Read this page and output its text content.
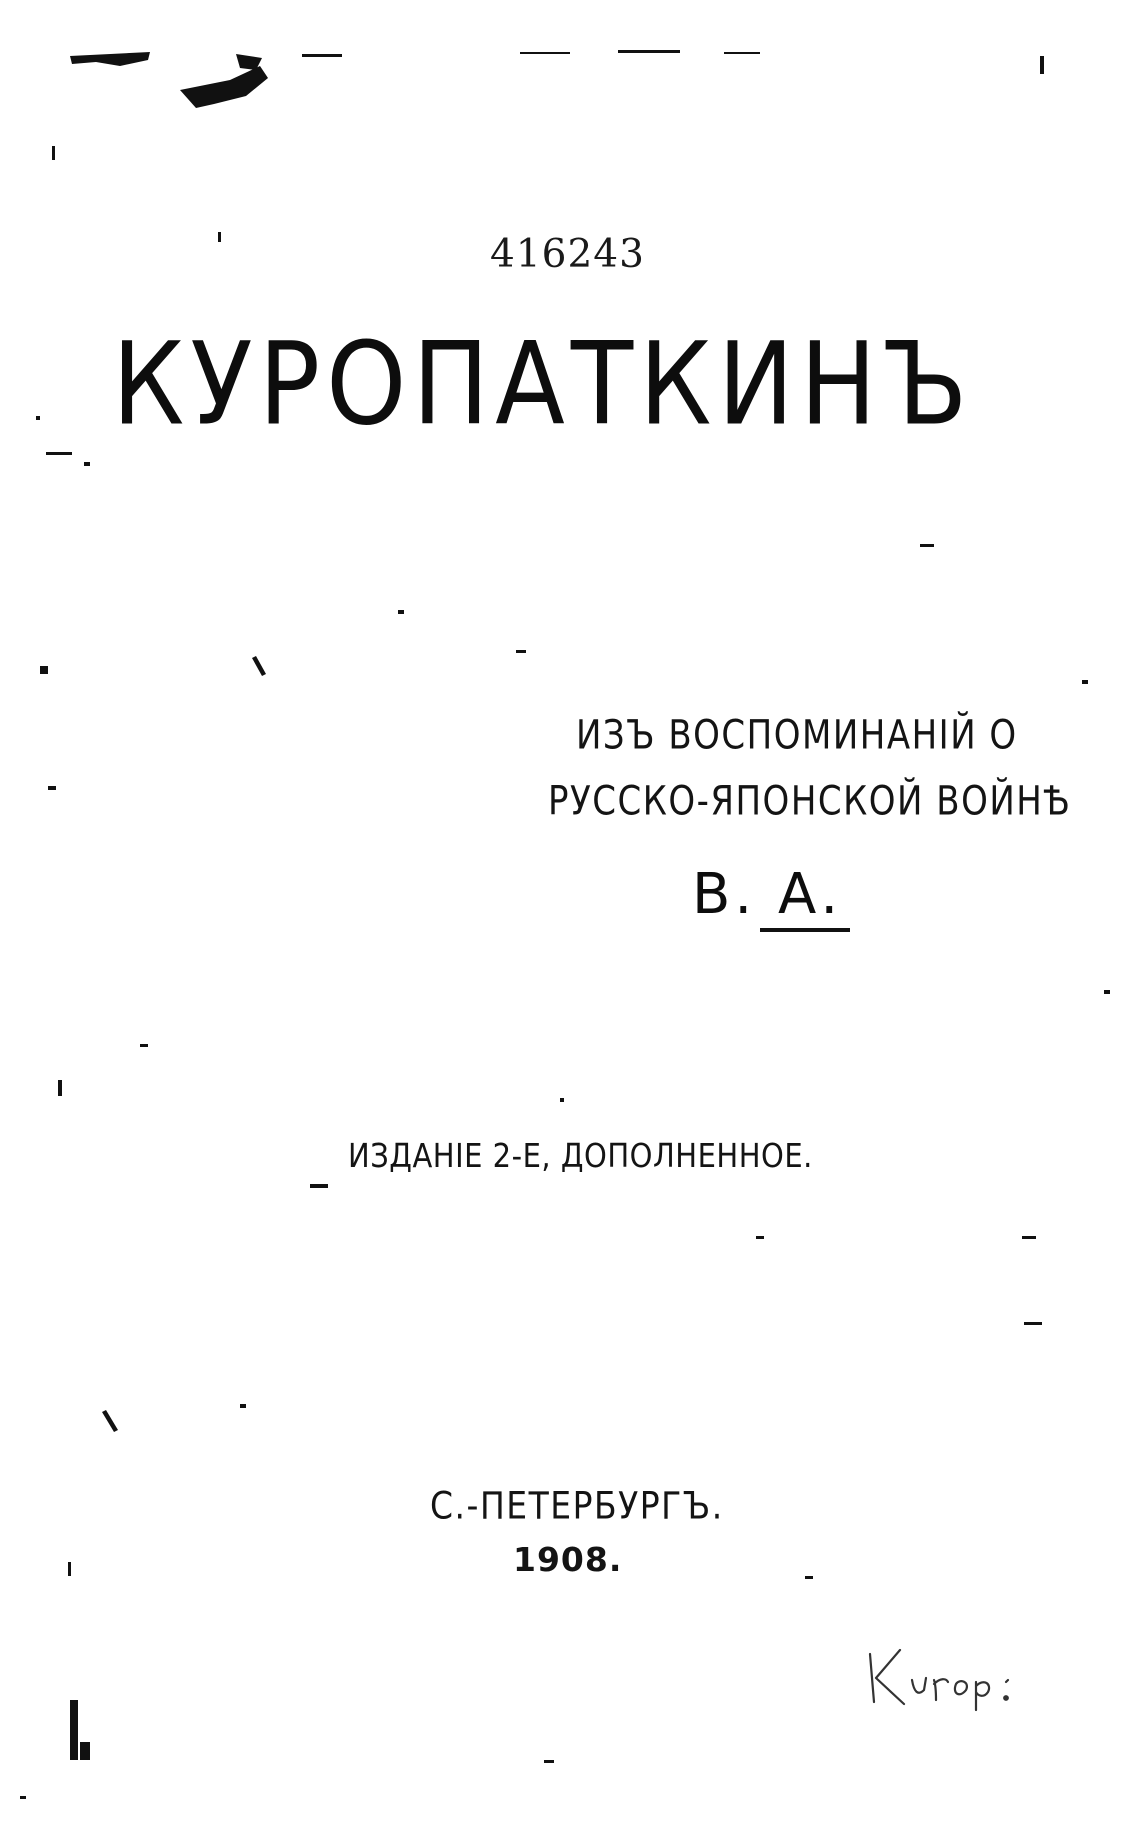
416243
КУРОПАТКИНЪ
ИЗЪ ВОСПОМИНАНІЙ О
РУССКО-ЯПОНСКОЙ ВОЙНѢ
В. А.
ИЗДАНІЕ 2-Е, ДОПОЛНЕННОЕ.
С.-ПЕТЕРБУРГЪ.
1908.
